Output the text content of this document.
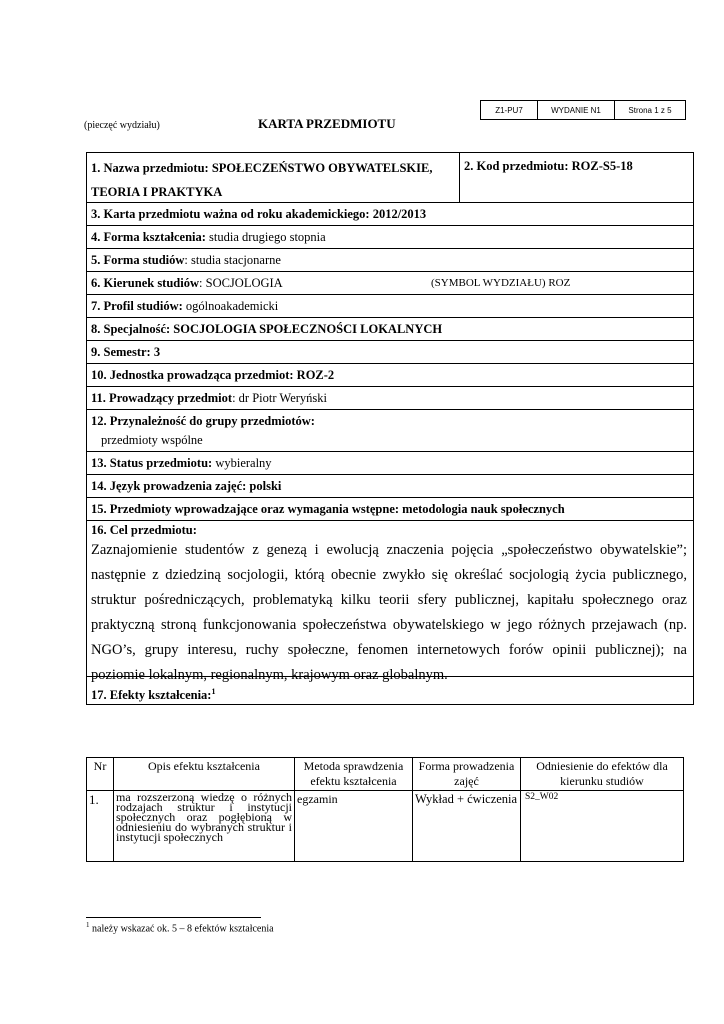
Z1-PU7	WYDANIE N1	Strona 1 z 5
(pieczęć wydziału)	KARTA PRZEDMIOTU
1. Nazwa przedmiotu: SPOŁECZEŃSTWO OBYWATELSKIE, TEORIA I PRAKTYKA
2. Kod przedmiotu: ROZ-S5-18
3. Karta przedmiotu ważna od roku akademickiego: 2012/2013
4. Forma kształcenia: studia drugiego stopnia
5. Forma studiów: studia stacjonarne
6. Kierunek studiów: SOCJOLOGIA	(SYMBOL WYDZIAŁU) ROZ
7. Profil studiów: ogólnoakademicki
8. Specjalność: SOCJOLOGIA SPOŁECZNOŚCI LOKALNYCH
9. Semestr: 3
10. Jednostka prowadząca przedmiot: ROZ-2
11. Prowadzący przedmiot: dr Piotr Weryński
12. Przynależność do grupy przedmiotów:
przedmioty wspólne
13. Status przedmiotu: wybieralny
14. Język prowadzenia zajęć: polski
15. Przedmioty wprowadzające oraz wymagania wstępne: metodologia nauk społecznych
16. Cel przedmiotu:
Zaznajomienie studentów z genezą i ewolucją znaczenia pojęcia „społeczeństwo obywatelskie”; następnie z dziedziną socjologii, którą obecnie zwykło się określać socjologią życia publicznego, struktur pośredniczących, problematyką kilku teorii sfery publicznej, kapitału społecznego oraz praktyczną stroną funkcjonowania społeczeństwa obywatelskiego w jego różnych przejawach (np. NGO’s, grupy interesu, ruchy społeczne, fenomen internetowych forów opinii publicznej); na poziomie lokalnym, regionalnym, krajowym oraz globalnym.
17. Efekty kształcenia:$^1$
Nr	Opis efektu kształcenia	Metoda sprawdzenia efektu kształcenia	Forma prowadzenia zajęć	Odniesienie do efektów dla kierunku studiów
1.	ma rozszerzoną wiedzę o różnych rodzajach struktur i instytucji społecznych oraz pogłębioną w odniesieniu do wybranych struktur i instytucji społecznych	egzamin	Wykład + ćwiczenia	S2_W02
$^1$ należy wskazać ok. 5 – 8 efektów kształcenia
